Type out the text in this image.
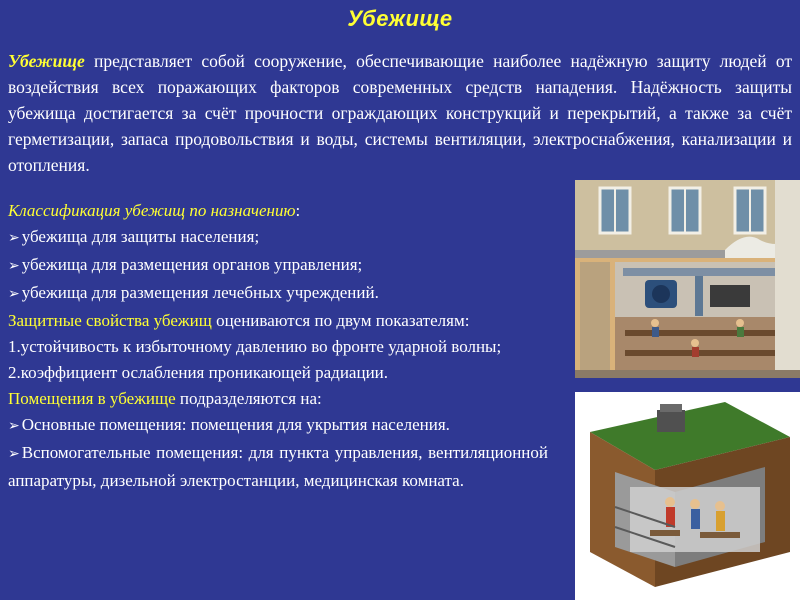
Убежище
Убежище представляет собой сооружение, обеспечивающие наиболее надёжную защиту людей от воздействия всех поражающих факторов современных средств нападения. Надёжность защиты убежища достигается за счёт прочности ограждающих конструкций и перекрытий, а также за счёт герметизации, запаса продовольствия и воды, системы вентиляции, электроснабжения, канализации и отопления.

Классификация убежищ по назначению:

➢ убежища для защиты населения;

➢ убежища для размещения органов управления;

➢ убежища для размещения лечебных учреждений.

Защитные свойства убежищ оцениваются по двум показателям:

1.устойчивость к избыточному давлению во фронте ударной волны;

2.коэффициент ослабления проникающей радиации.

Помещения в убежище подразделяются на:

➢ Основные помещения: помещения для укрытия населения.

➢ Вспомогательные помещения: для пункта управления, вентиляционной аппаратуры, дизельной электростанции, медицинская комната.
